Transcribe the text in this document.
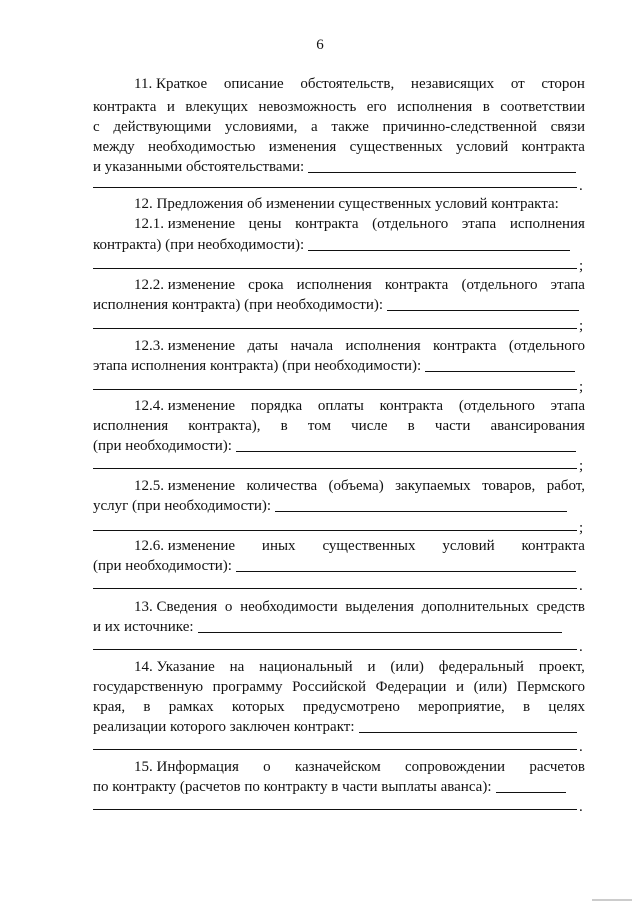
6
11. Краткое описание обстоятельств, независящих от сторон
контракта и влекущих невозможность его исполнения в соответствии
с действующими условиями, а также причинно-следственной связи
между необходимостью изменения существенных условий контракта
и указанными обстоятельствами:
.
12. Предложения об изменении существенных условий контракта:
12.1. изменение цены контракта (отдельного этапа исполнения
контракта) (при необходимости):
;
12.2. изменение срока исполнения контракта (отдельного этапа
исполнения контракта) (при необходимости):
;
12.3. изменение даты начала исполнения контракта (отдельного
этапа исполнения контракта) (при необходимости):
;
12.4. изменение порядка оплаты контракта (отдельного этапа
исполнения контракта), в том числе в части авансирования
(при необходимости):
;
12.5. изменение количества (объема) закупаемых товаров, работ,
услуг (при необходимости):
;
12.6. изменение иных существенных условий контракта
(при необходимости):
.
13. Сведения о необходимости выделения дополнительных средств
и их источнике:
.
14. Указание на национальный и (или) федеральный проект,
государственную программу Российской Федерации и (или) Пермского
края, в рамках которых предусмотрено мероприятие, в целях
реализации которого заключен контракт:
.
15. Информация о казначейском сопровождении расчетов
по контракту (расчетов по контракту в части выплаты аванса):
.
